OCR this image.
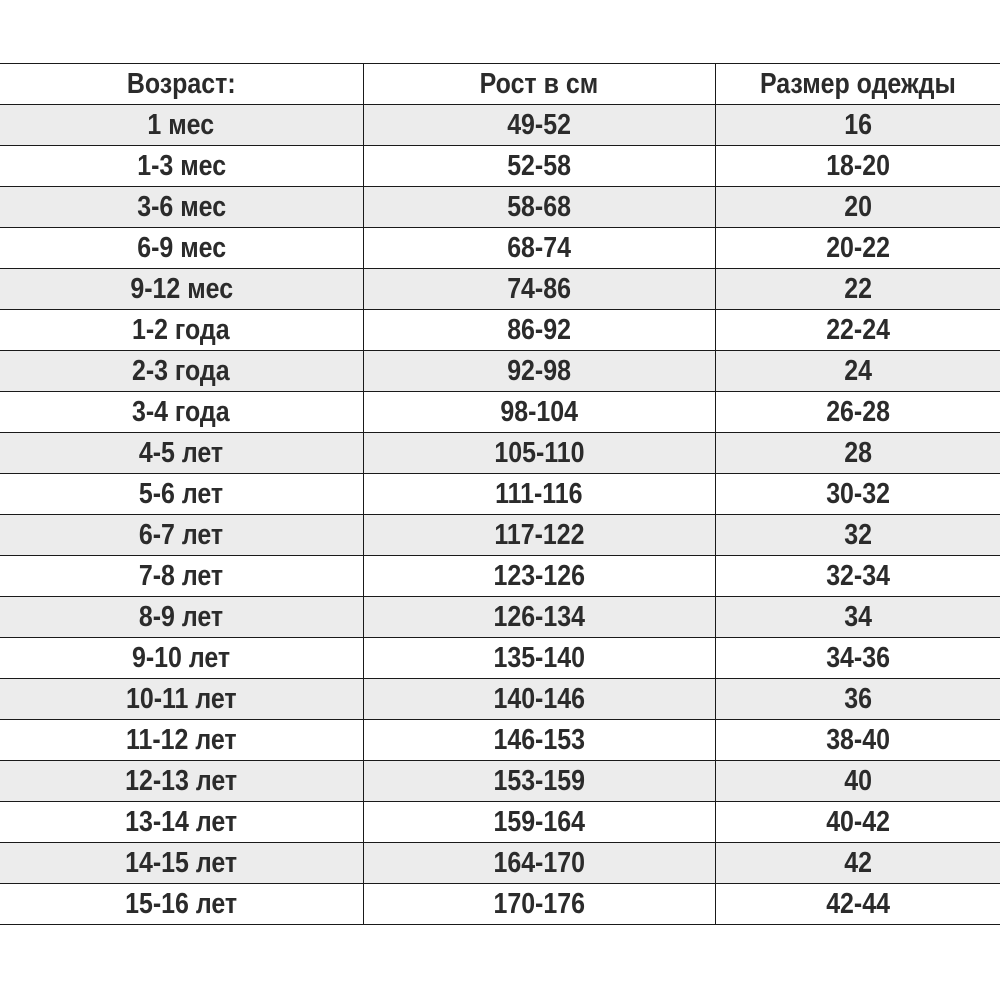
Возраст:	Рост в см	Размер одежды
1 мес	49-52	16
1-3 мес	52-58	18-20
3-6 мес	58-68	20
6-9 мес	68-74	20-22
9-12 мес	74-86	22
1-2 года	86-92	22-24
2-3 года	92-98	24
3-4 года	98-104	26-28
4-5 лет	105-110	28
5-6 лет	111-116	30-32
6-7 лет	117-122	32
7-8 лет	123-126	32-34
8-9 лет	126-134	34
9-10 лет	135-140	34-36
10-11 лет	140-146	36
11-12 лет	146-153	38-40
12-13 лет	153-159	40
13-14 лет	159-164	40-42
14-15 лет	164-170	42
15-16 лет	170-176	42-44
